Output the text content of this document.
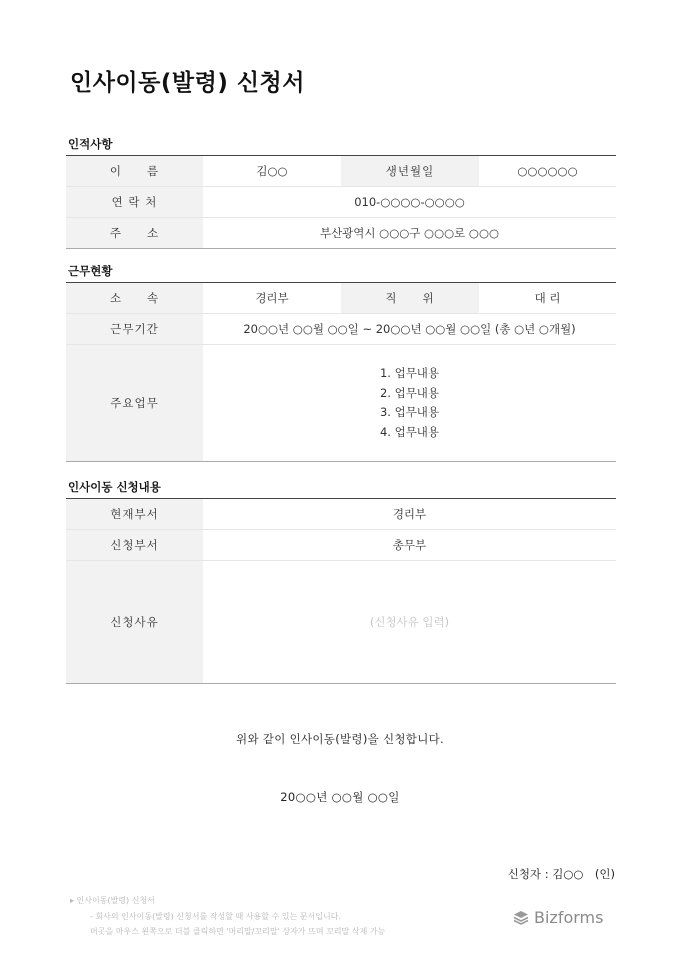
인사이동(발령) 신청서
인적사항
이　　름	김○○	생년월일	○○○○○○
연 락 처	010-○○○○-○○○○		
주　　소	부산광역시 ○○○구 ○○○로 ○○○		
근무현황
소　　속	경리부	직　　위	대 리
근무기간	20○○년 ○○월 ○○일 ~ 20○○년 ○○월 ○○일 (총 ○년 ○개월)		
주요업무	1. 업무내용
2. 업무내용
3. 업무내용
4. 업무내용		
인사이동 신청내용
현재부서	경리부
신청부서	총무부
신청사유	(신청사유 입력)
위와 같이 인사이동(발령)을 신청합니다.
20○○년 ○○월 ○○일
신청자 : 김○○　(인)
▸ 인사이동(발령) 신청서
- 회사의 인사이동(발령) 신청서를 작성할 때 사용할 수 있는 문서입니다.
머곳을 마우스 왼쪽으로 더블 클릭하면 '머리말/꼬리말' 상자가 뜨며 꼬리말 삭제 가능
Bizforms
